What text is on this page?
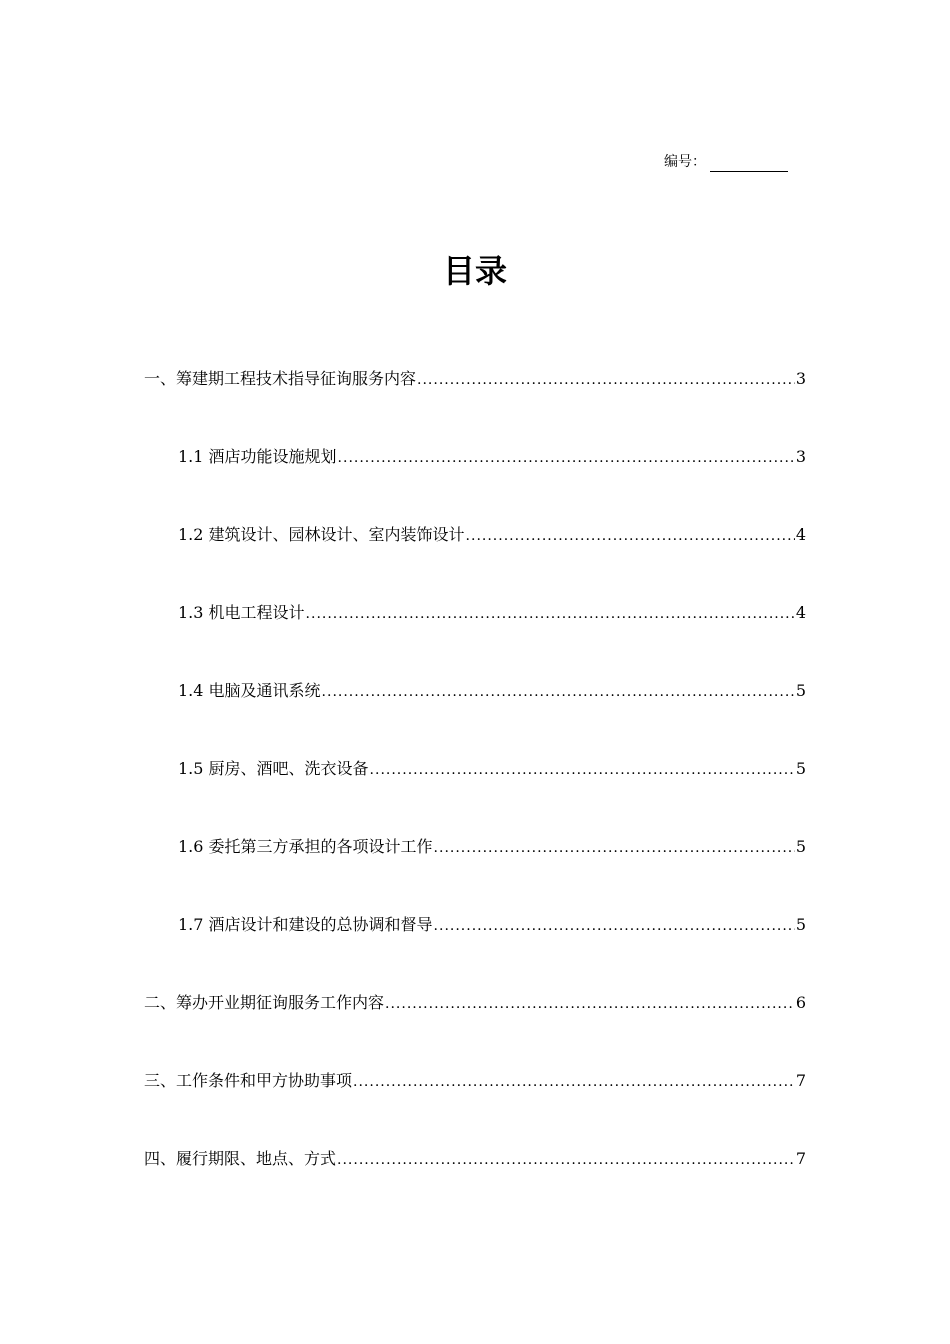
编号：
目录
一、筹建期工程技术指导征询服务内容 .....	3
1.1 酒店功能设施规划 .....	3
1.2 建筑设计、园林设计、室内装饰设计 .....	4
1.3 机电工程设计 .....	4
1.4 电脑及通讯系统 .....	5
1.5 厨房、酒吧、洗衣设备 .....	5
1.6 委托第三方承担的各项设计工作 .....	5
1.7 酒店设计和建设的总协调和督导 .....	5
二、筹办开业期征询服务工作内容 .....	6
三、工作条件和甲方协助事项 .....	7
四、履行期限、地点、方式 .....	7
